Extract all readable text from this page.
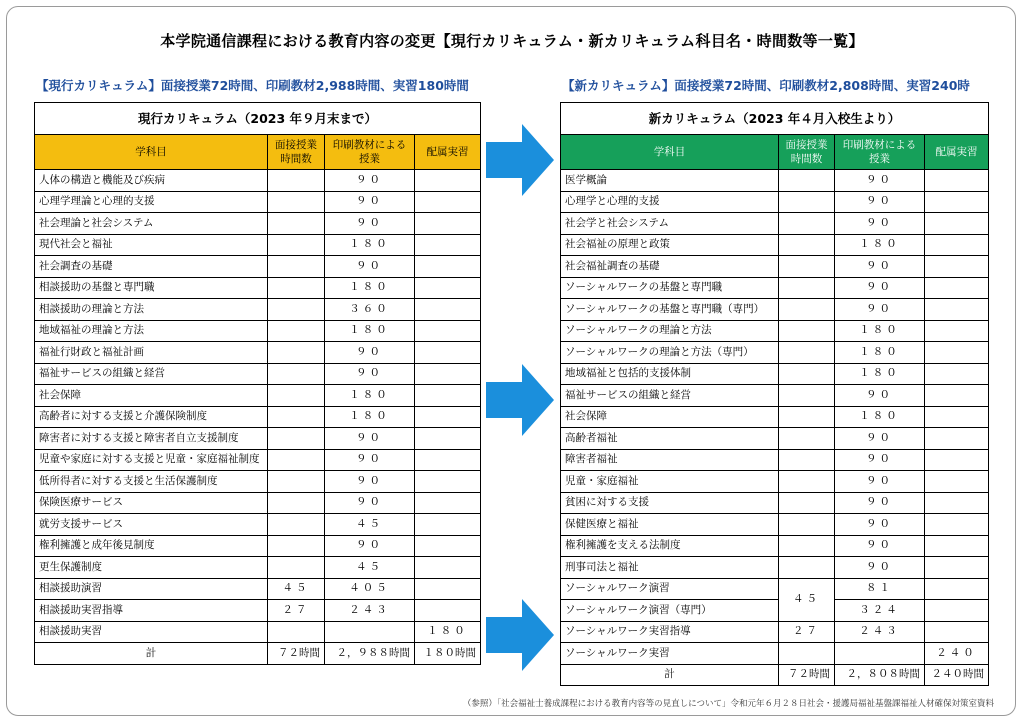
本学院通信課程における教育内容の変更【現行カリキュラム・新カリキュラム科目名・時間数等一覧】
【現行カリキュラム】面接授業72時間、印刷教材2,988時間、実習180時間	【新カリキュラム】面接授業72時間、印刷教材2,808時間、実習240時
現行カリキュラム（2023 年９月末まで）			
学科目	面接授業時間数	印刷教材による授業	配属実習
人体の構造と機能及び疾病		９０	
心理学理論と心理的支援		９０	
社会理論と社会システム		９０	
現代社会と福祉		１８０	
社会調査の基礎		９０	
相談援助の基盤と専門職		１８０	
相談援助の理論と方法		３６０	
地域福祉の理論と方法		１８０	
福祉行財政と福祉計画		９０	
福祉サービスの組織と経営		９０	
社会保障		１８０	
高齢者に対する支援と介護保険制度		１８０	
障害者に対する支援と障害者自立支援制度		９０	
児童や家庭に対する支援と児童・家庭福祉制度		９０	
低所得者に対する支援と生活保護制度		９０	
保険医療サービス		９０	
就労支援サービス		４５	
権利擁護と成年後見制度		９０	
更生保護制度		４５	
相談援助演習	４５	４０５	
相談援助実習指導	２７	２４３	
相談援助実習			１８０
計	７２時間	２，９８８時間	１８０時間
新カリキュラム（2023 年４月入校生より）			
学科目	面接授業時間数	印刷教材による授業	配属実習
医学概論		９０	
心理学と心理的支援		９０	
社会学と社会システム		９０	
社会福祉の原理と政策		１８０	
社会福祉調査の基礎		９０	
ソーシャルワークの基盤と専門職		９０	
ソーシャルワークの基盤と専門職（専門）		９０	
ソーシャルワークの理論と方法		１８０	
ソーシャルワークの理論と方法（専門）		１８０	
地域福祉と包括的支援体制		１８０	
福祉サービスの組織と経営		９０	
社会保障		１８０	
高齢者福祉		９０	
障害者福祉		９０	
児童・家庭福祉		９０	
貧困に対する支援		９０	
保健医療と福祉		９０	
権利擁護を支える法制度		９０	
刑事司法と福祉		９０	
ソーシャルワーク演習	４５	８１	
ソーシャルワーク演習（専門）		３２４	
ソーシャルワーク実習指導	２７	２４３	
ソーシャルワーク実習			２４０
計	７２時間	２，８０８時間	２４０時間
（参照）「社会福祉士養成課程における教育内容等の見直しについて」令和元年６月２８日社会・援護局福祉基盤課福祉人材確保対策室資料
